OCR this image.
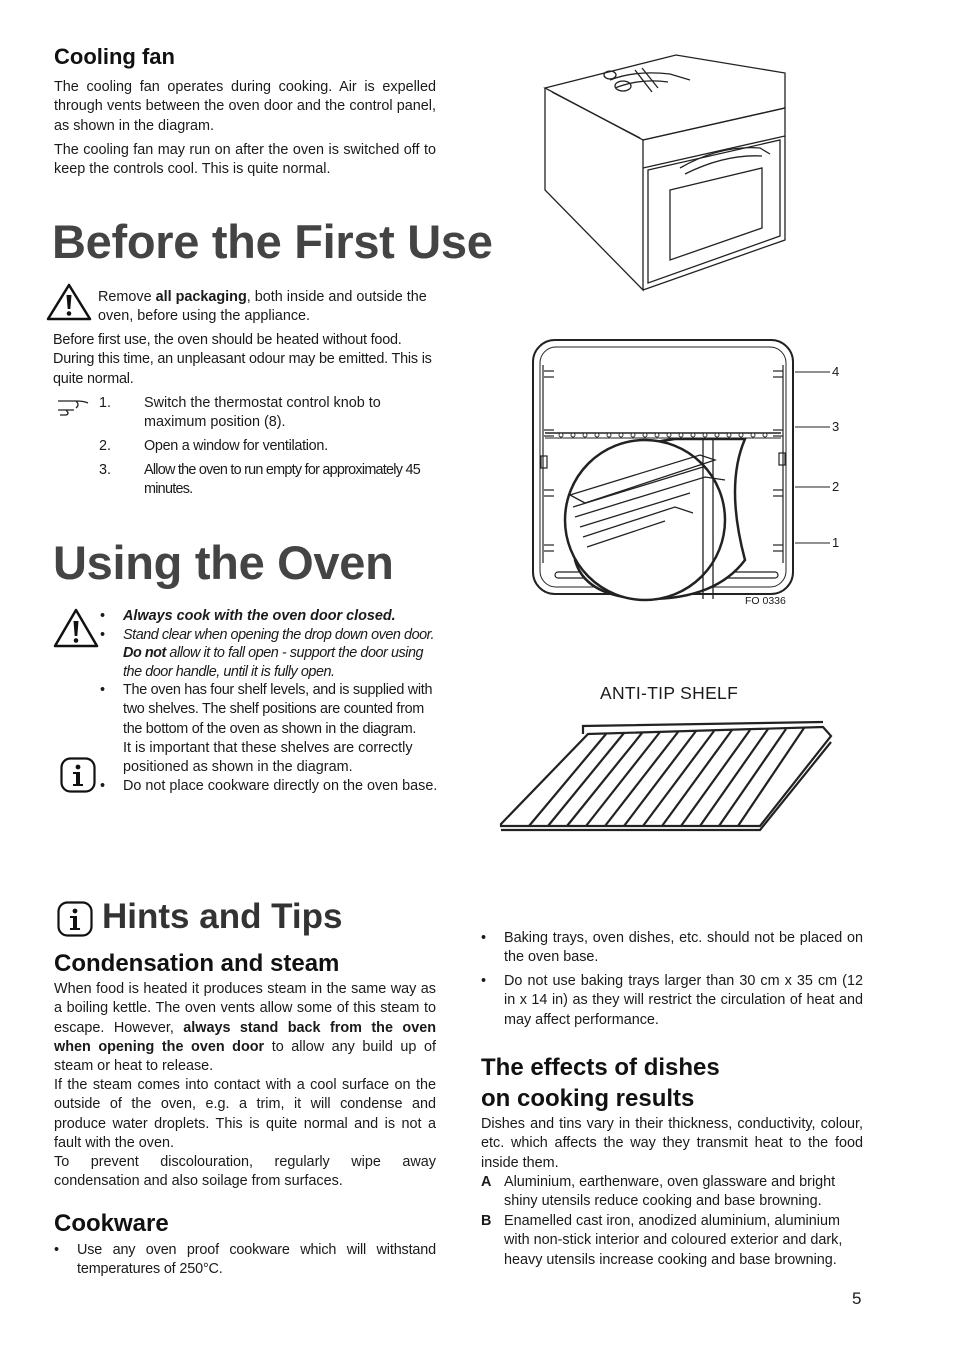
Cooling fan
The cooling fan operates during cooking. Air is expelled through vents between the oven door and the control panel, as shown in the diagram.
The cooling fan may run on after the oven is switched off to keep the controls cool. This is quite normal.
Before the First Use
Remove all packaging, both inside and outside the oven, before using the appliance.
Before first use, the oven should be heated without food. During this time, an unpleasant odour may be emitted. This is quite normal.
1.	Switch the thermostat control knob to maximum position (8).
2.	Open a window for ventilation.
3.	Allow the oven to run empty for approximately 45 minutes.
Using the Oven
• Always cook with the oven door closed.
• Stand clear when opening the drop down oven door. Do not allow it to fall open - support the door using the door handle, until it is fully open.
• The oven has four shelf levels, and is supplied with two shelves. The shelf positions are counted from the bottom of the oven as shown in the diagram.
It is important that these shelves are correctly positioned as shown in the diagram.
• Do not place cookware directly on the oven base.
4
3
2
1
FO 0336
ANTI-TIP SHELF
Hints and Tips
Condensation and steam
When food is heated it produces steam in the same way as a boiling kettle. The oven vents allow some of this steam to escape. However, always stand back from the oven when opening the oven door to allow any build up of steam or heat to release.
If the steam comes into contact with a cool surface on the outside of the oven, e.g. a trim, it will condense and produce water droplets. This is quite normal and is not a fault with the oven.
To prevent discolouration, regularly wipe away condensation and also soilage from surfaces.
Cookware
• Use any oven proof cookware which will withstand temperatures of 250°C.
• Baking trays, oven dishes, etc. should not be placed on the oven base.
• Do not use baking trays larger than 30 cm x 35 cm (12 in x 14 in) as they will restrict the circulation of heat and may affect performance.
The effects of dishes
on cooking results
Dishes and tins vary in their thickness, conductivity, colour, etc. which affects the way they transmit heat to the food inside them.
A Aluminium, earthenware, oven glassware and bright shiny utensils reduce cooking and base browning.
B Enamelled cast iron, anodized aluminium, aluminium with non-stick interior and coloured exterior and dark, heavy utensils increase cooking and base browning.
5
